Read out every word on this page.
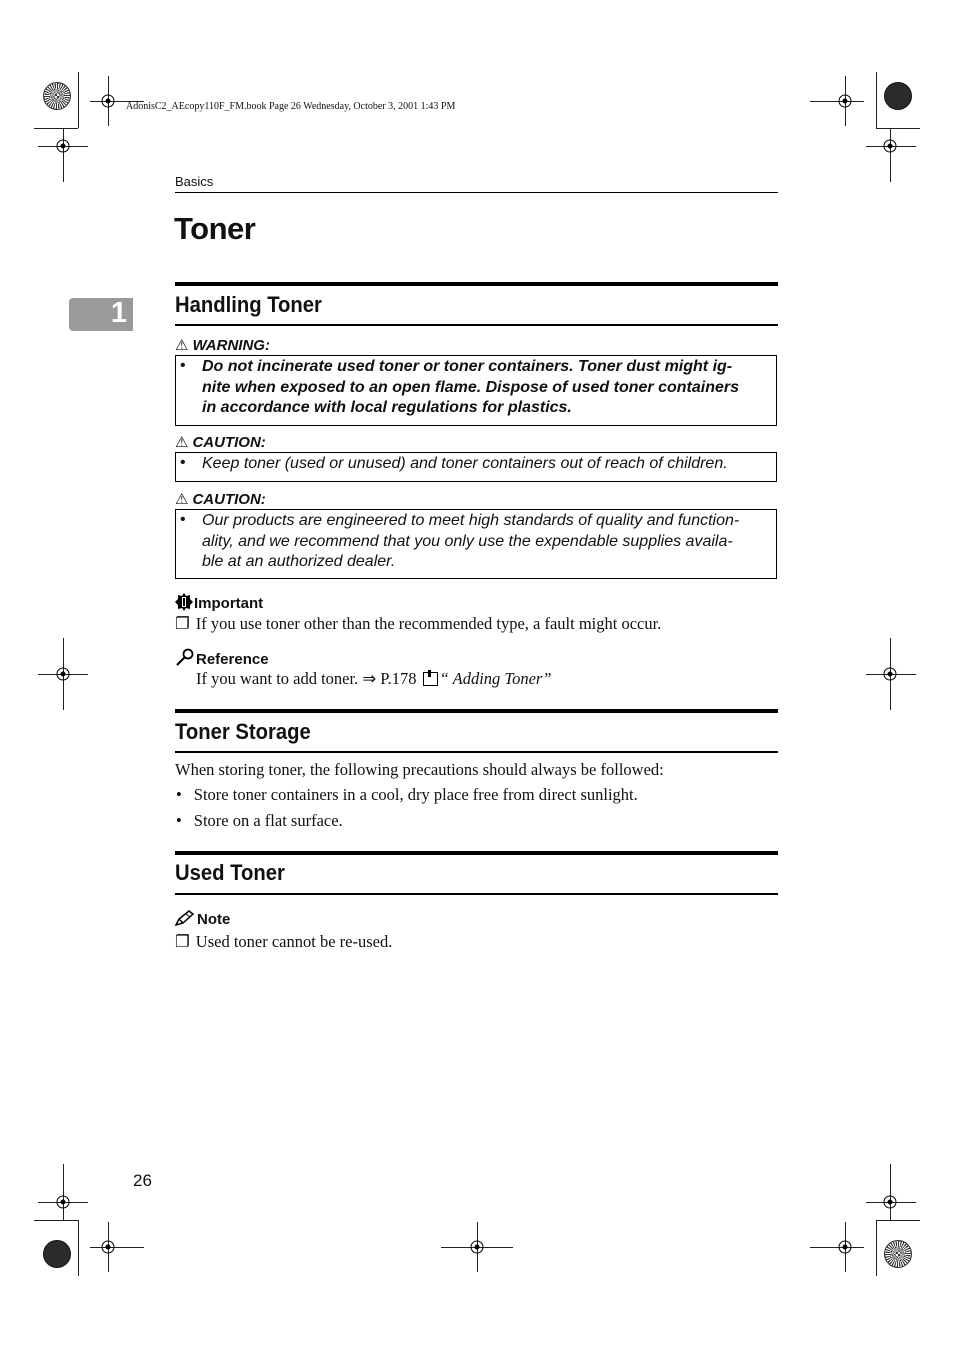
AdonisC2_AEcopy110F_FM.book Page 26 Wednesday, October 3, 2001 1:43 PM
Basics
Toner
1 Handling Toner
⚠ WARNING:
• Do not incinerate used toner or toner containers. Toner dust might ig-
nite when exposed to an open flame. Dispose of used toner containers
in accordance with local regulations for plastics.
⚠ CAUTION:
• Keep toner (used or unused) and toner containers out of reach of children.
⚠ CAUTION:
• Our products are engineered to meet high standards of quality and function-
ality, and we recommend that you only use the expendable supplies availa-
ble at an authorized dealer.
Important
❐ If you use toner other than the recommended type, a fault might occur.
Reference
If you want to add toner. ⇒ P.178
“ Adding Toner”
Toner Storage
When storing toner, the following precautions should always be followed:
• Store toner containers in a cool, dry place free from direct sunlight.
• Store on a flat surface.
Used Toner
Note
❐ Used toner cannot be re-used.
26
